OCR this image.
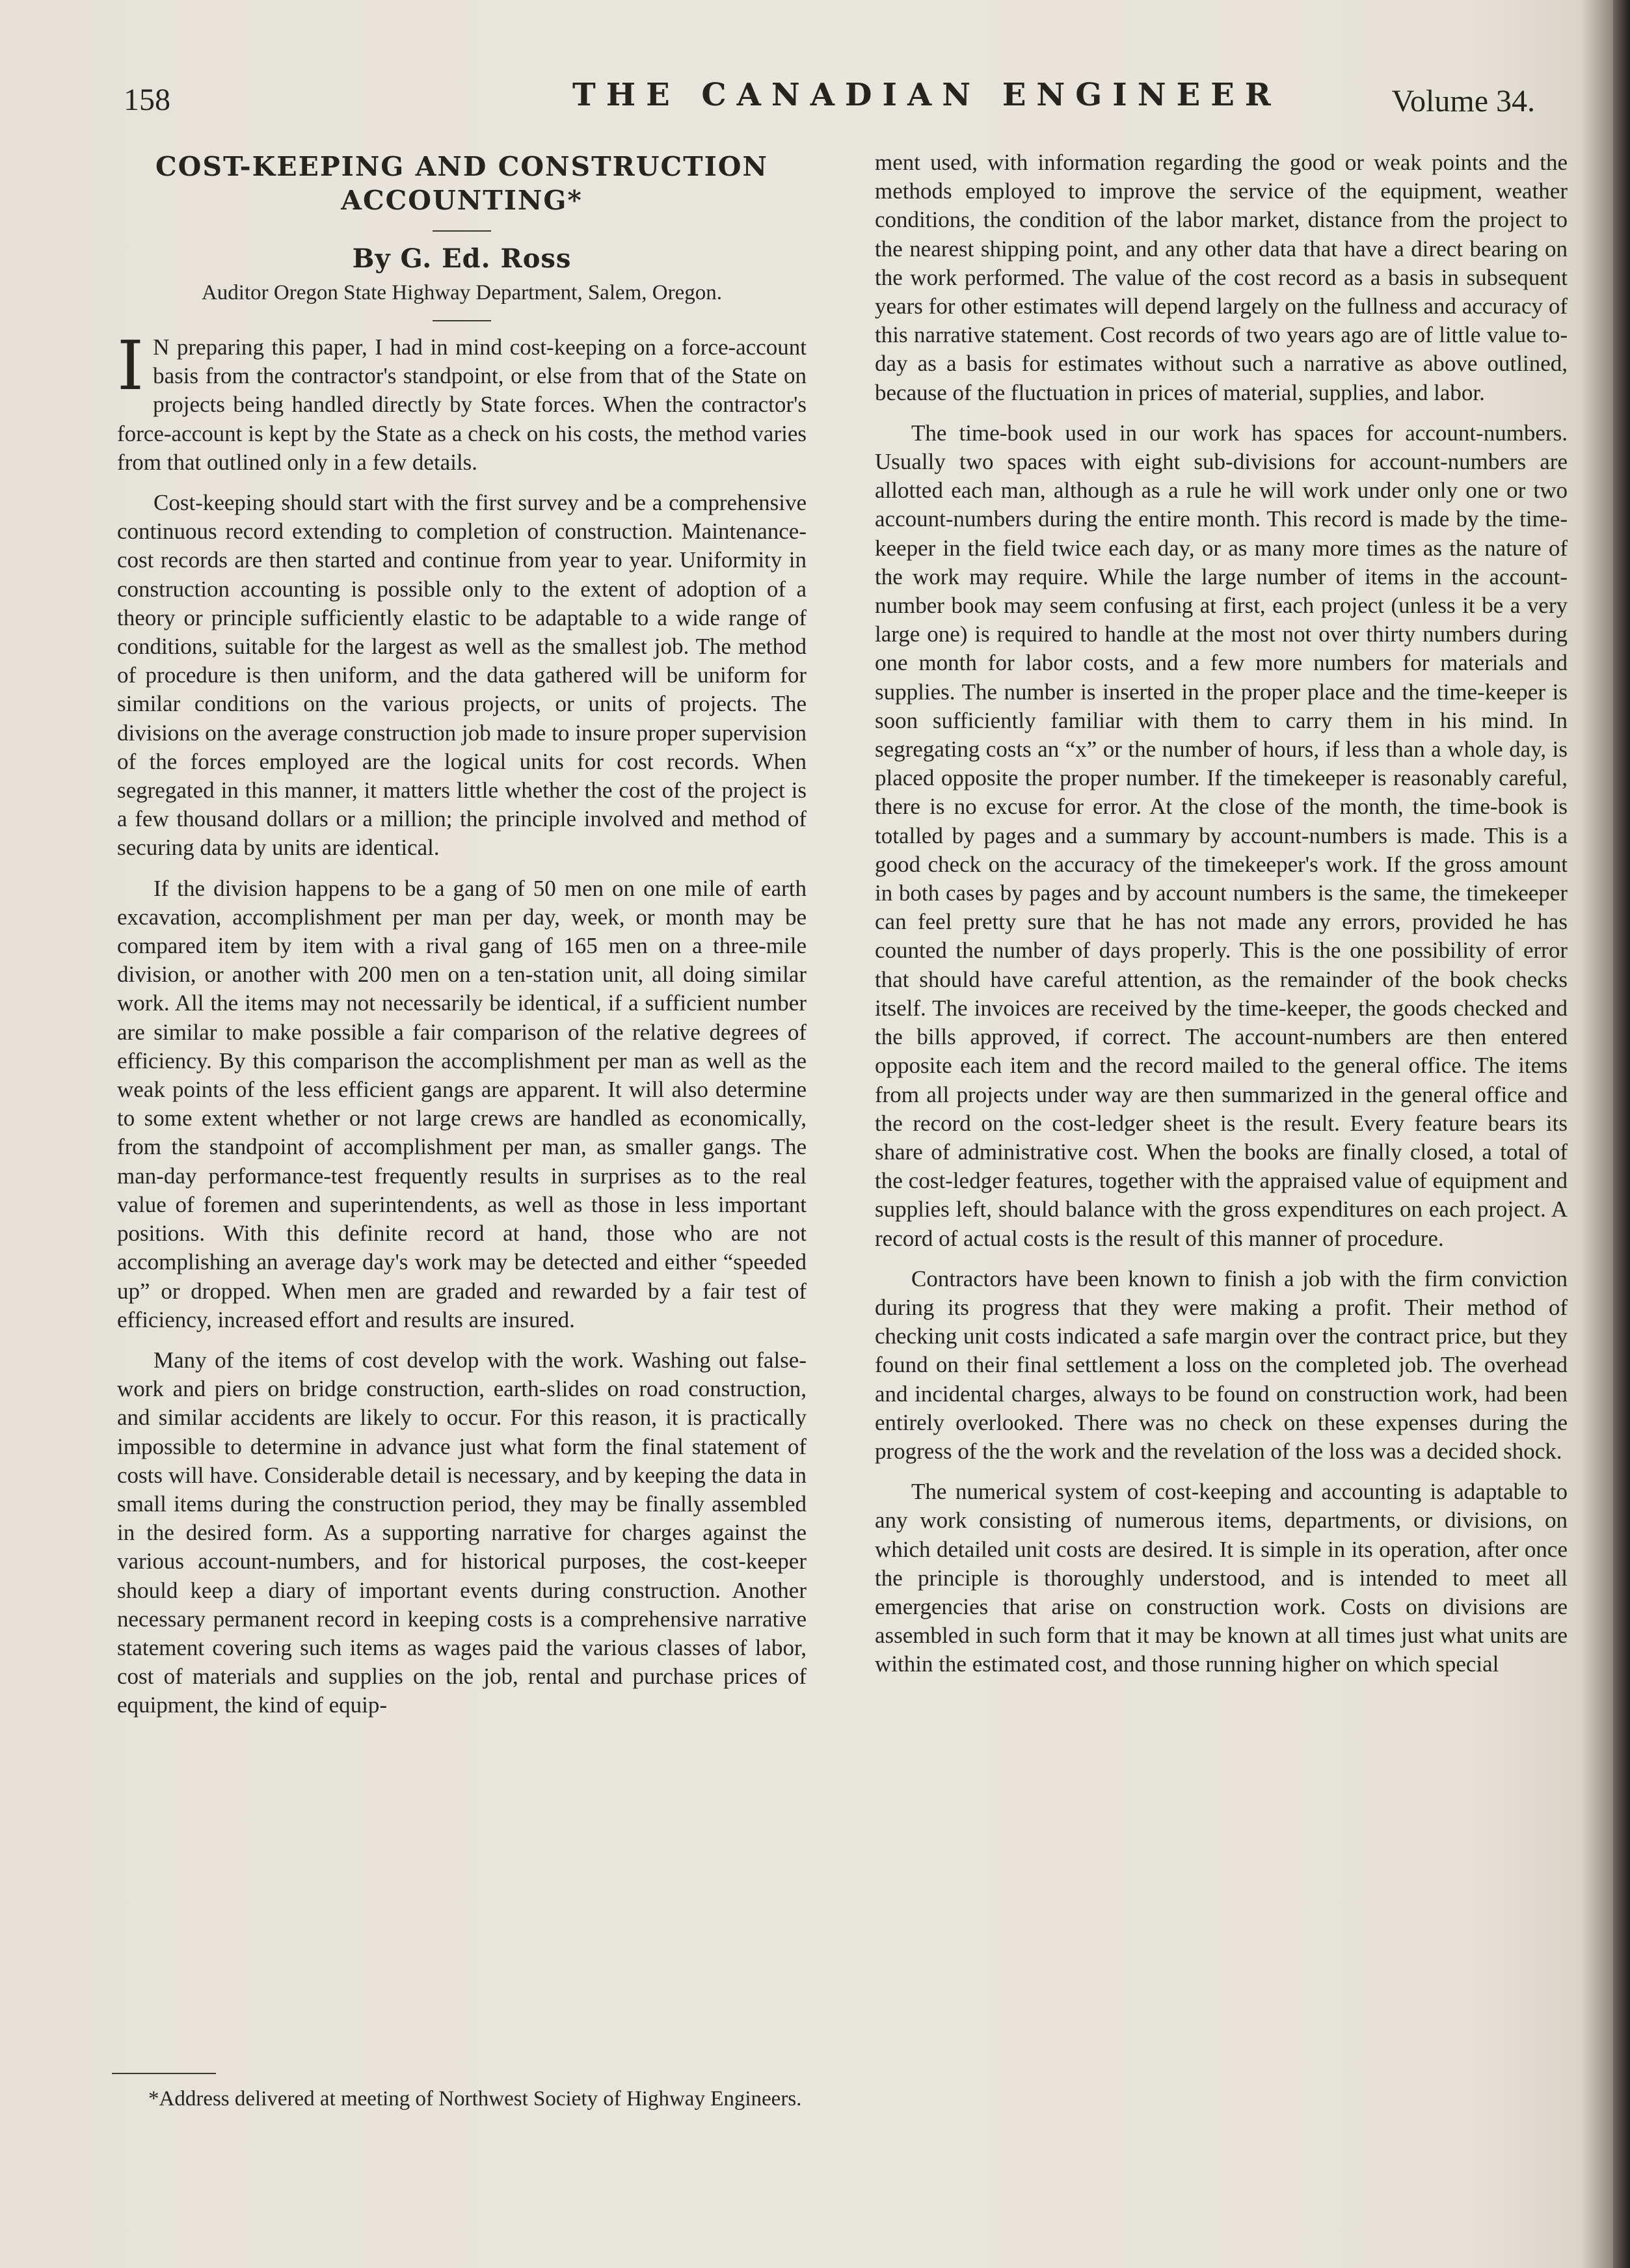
158	THE CANADIAN ENGINEER	Volume 34.
COST-KEEPING AND CONSTRUCTION
ACCOUNTING*
By G. Ed. Ross
Auditor Oregon State Highway Department, Salem, Oregon.

I N preparing this paper, I had in mind cost-keeping on a force-account basis from the contractor's standpoint, or else from that of the State on projects being handled directly by State forces. When the contractor's force-account is kept by the State as a check on his costs, the method varies from that outlined only in a few details.

Cost-keeping should start with the first survey and be a comprehensive continuous record extending to completion of construction. Maintenance-cost records are then started and continue from year to year. Uniformity in construction accounting is possible only to the extent of adoption of a theory or principle sufficiently elastic to be adaptable to a wide range of conditions, suitable for the largest as well as the smallest job. The method of procedure is then uniform, and the data gathered will be uniform for similar conditions on the various projects, or units of projects. The divisions on the average construction job made to insure proper supervision of the forces employed are the logical units for cost records. When segregated in this manner, it matters little whether the cost of the project is a few thousand dollars or a million; the principle involved and method of securing data by units are identical.

If the division happens to be a gang of 50 men on one mile of earth excavation, accomplishment per man per day, week, or month may be compared item by item with a rival gang of 165 men on a three-mile division, or another with 200 men on a ten-station unit, all doing similar work. All the items may not necessarily be identical, if a sufficient number are similar to make possible a fair comparison of the relative degrees of efficiency. By this comparison the accomplishment per man as well as the weak points of the less efficient gangs are apparent. It will also determine to some extent whether or not large crews are handled as economically, from the standpoint of accomplishment per man, as smaller gangs. The man-day performance-test frequently results in surprises as to the real value of foremen and superintendents, as well as those in less important positions. With this definite record at hand, those who are not accomplishing an average day's work may be detected and either “speeded up” or dropped. When men are graded and rewarded by a fair test of efficiency, increased effort and results are insured.

Many of the items of cost develop with the work. Washing out false-work and piers on bridge construction, earth-slides on road construction, and similar accidents are likely to occur. For this reason, it is practically impossible to determine in advance just what form the final statement of costs will have. Considerable detail is necessary, and by keeping the data in small items during the construction period, they may be finally assembled in the desired form. As a supporting narrative for charges against the various account-numbers, and for historical purposes, the cost-keeper should keep a diary of important events during construction. Another necessary permanent record in keeping costs is a comprehensive narrative statement covering such items as wages paid the various classes of labor, cost of materials and supplies on the job, rental and purchase prices of equipment, the kind of equip-

*Address delivered at meeting of Northwest Society of Highway Engineers.

ment used, with information regarding the good or weak points and the methods employed to improve the service of the equipment, weather conditions, the condition of the labor market, distance from the project to the nearest shipping point, and any other data that have a direct bearing on the work performed. The value of the cost record as a basis in subsequent years for other estimates will depend largely on the fullness and accuracy of this narrative statement. Cost records of two years ago are of little value to-day as a basis for estimates without such a narrative as above outlined, because of the fluctuation in prices of material, supplies, and labor.

The time-book used in our work has spaces for account-numbers. Usually two spaces with eight sub-divisions for account-numbers are allotted each man, although as a rule he will work under only one or two account-numbers during the entire month. This record is made by the time-keeper in the field twice each day, or as many more times as the nature of the work may require. While the large number of items in the account-number book may seem confusing at first, each project (unless it be a very large one) is required to handle at the most not over thirty numbers during one month for labor costs, and a few more numbers for materials and supplies. The number is inserted in the proper place and the time-keeper is soon sufficiently familiar with them to carry them in his mind. In segregating costs an “x” or the number of hours, if less than a whole day, is placed opposite the proper number. If the timekeeper is reasonably careful, there is no excuse for error. At the close of the month, the time-book is totalled by pages and a summary by account-numbers is made. This is a good check on the accuracy of the timekeeper's work. If the gross amount in both cases by pages and by account numbers is the same, the timekeeper can feel pretty sure that he has not made any errors, provided he has counted the number of days properly. This is the one possibility of error that should have careful attention, as the remainder of the book checks itself. The invoices are received by the time-keeper, the goods checked and the bills approved, if correct. The account-numbers are then entered opposite each item and the record mailed to the general office. The items from all projects under way are then summarized in the general office and the record on the cost-ledger sheet is the result. Every feature bears its share of administrative cost. When the books are finally closed, a total of the cost-ledger features, together with the appraised value of equipment and supplies left, should balance with the gross expenditures on each project. A record of actual costs is the result of this manner of procedure.

Contractors have been known to finish a job with the firm conviction during its progress that they were making a profit. Their method of checking unit costs indicated a safe margin over the contract price, but they found on their final settlement a loss on the completed job. The overhead and incidental charges, always to be found on construction work, had been entirely overlooked. There was no check on these expenses during the progress of the the work and the revelation of the loss was a decided shock.

The numerical system of cost-keeping and accounting is adaptable to any work consisting of numerous items, departments, or divisions, on which detailed unit costs are desired. It is simple in its operation, after once the principle is thoroughly understood, and is intended to meet all emergencies that arise on construction work. Costs on divisions are assembled in such form that it may be known at all times just what units are within the estimated cost, and those running higher on which special
